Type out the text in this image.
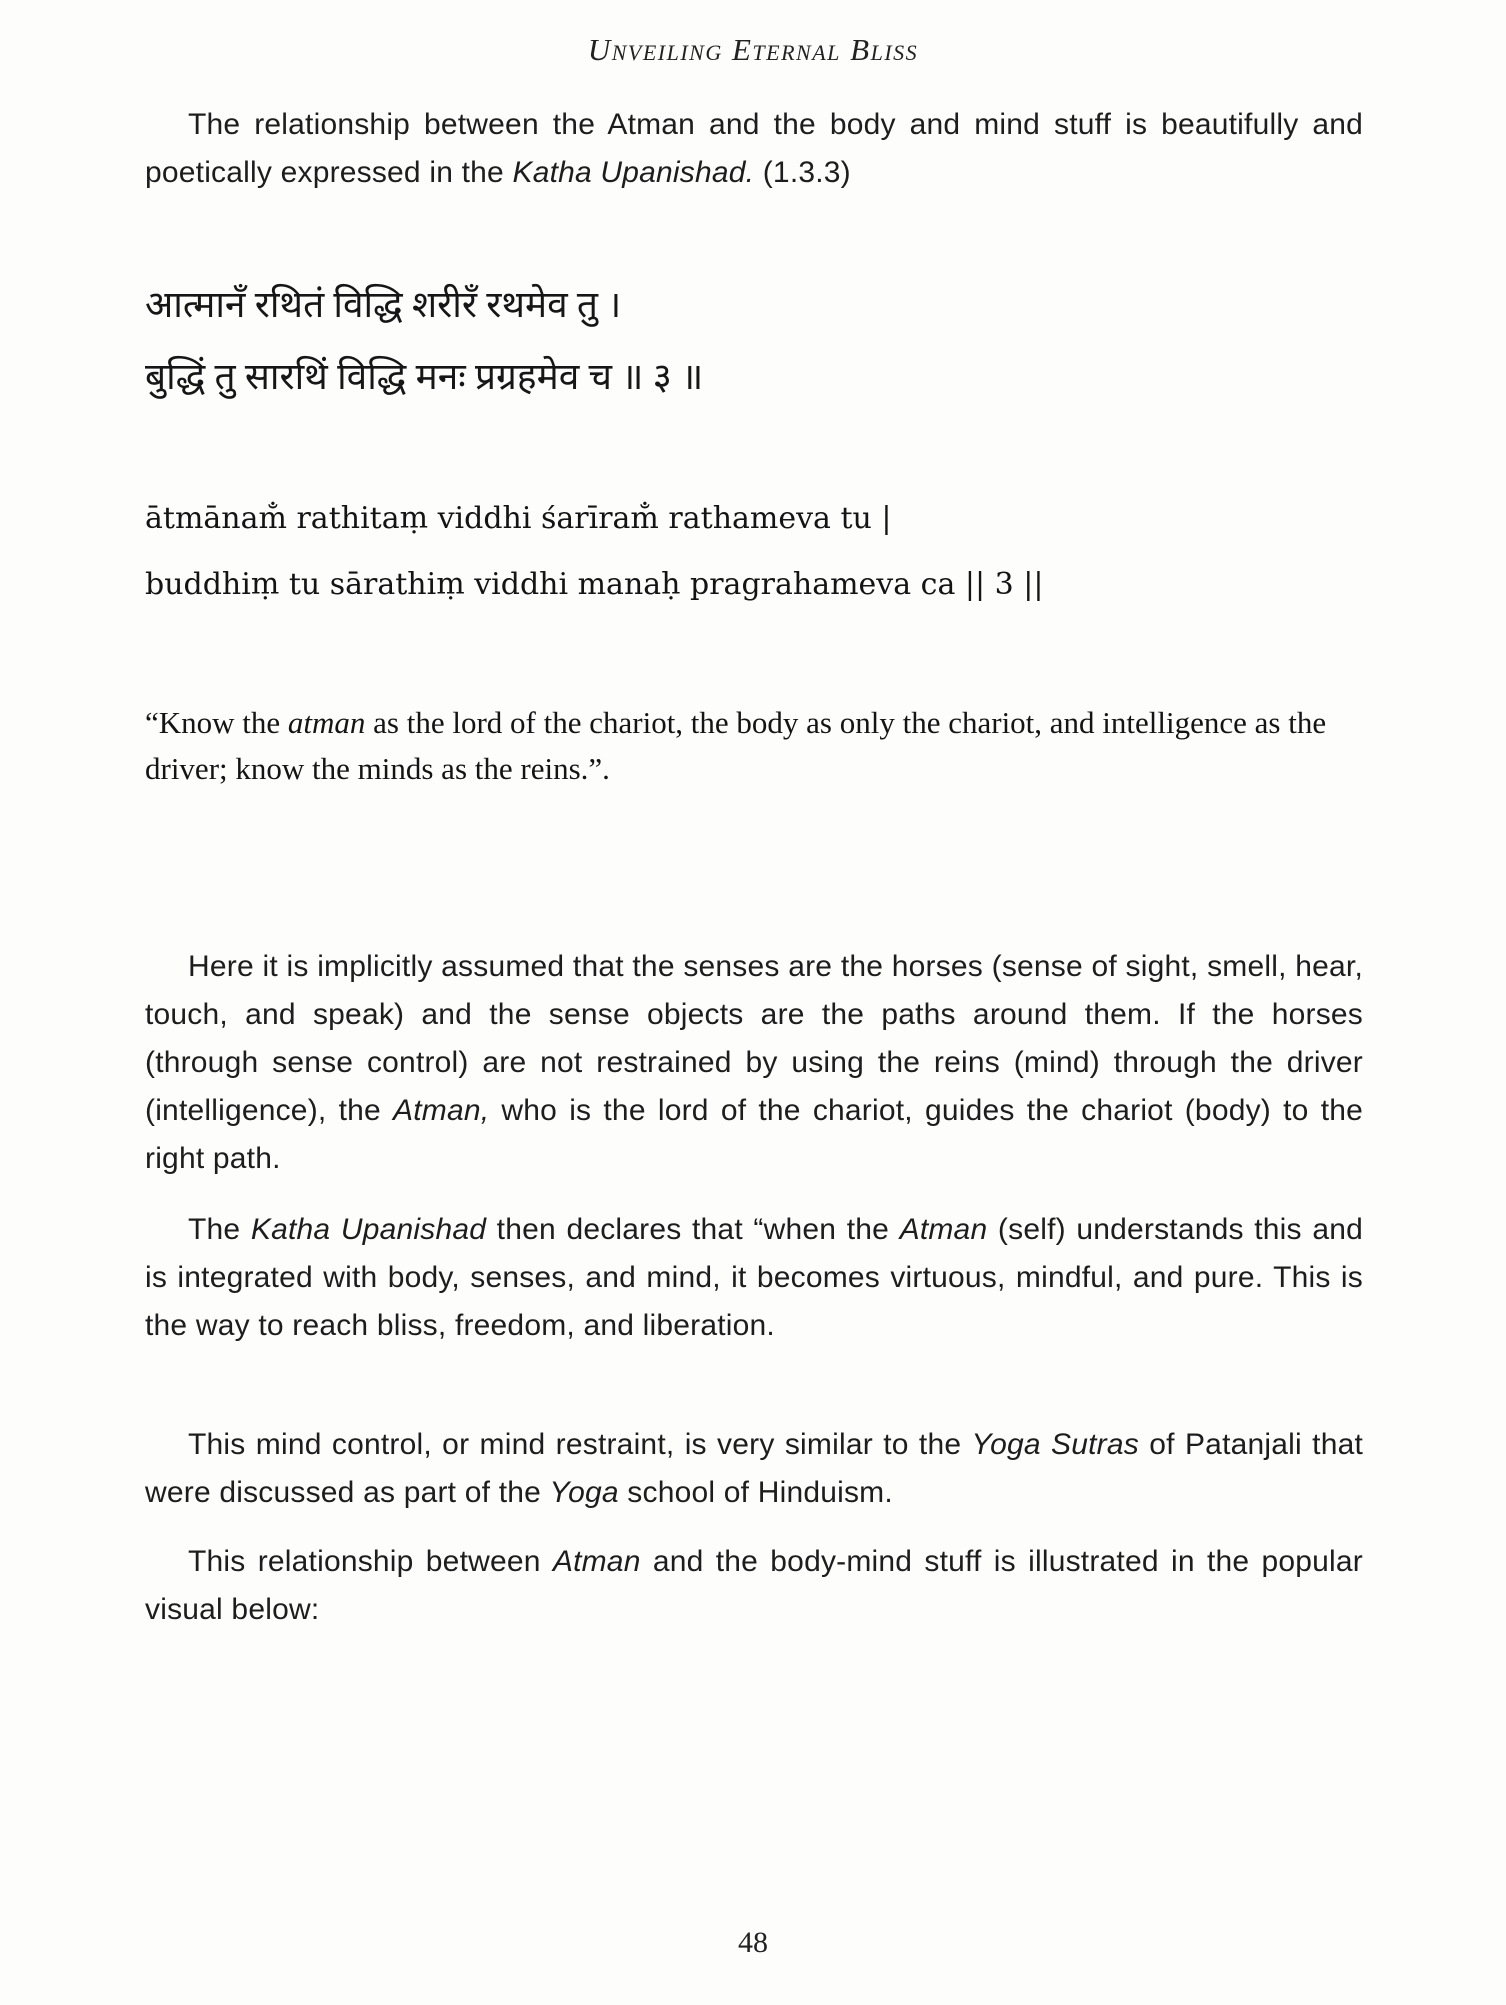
Unveiling Eternal Bliss
The relationship between the Atman and the body and mind stuff is beautifully and poetically expressed in the Katha Upanishad. (1.3.3)
आत्मानँ रथितं विद्धि शरीरँ रथमेव तु ।
बुद्धिं तु सारथिं विद्धि मनः प्रग्रहमेव च ॥ ३ ॥
ātmānam̐ rathitaṃ viddhi śarīram̐ rathameva tu |
buddhiṃ tu sārathiṃ viddhi manaḥ pragrahameva ca || 3 ||
“Know the atman as the lord of the chariot, the body as only the chariot, and intelligence as the driver; know the minds as the reins.”.
Here it is implicitly assumed that the senses are the horses (sense of sight, smell, hear, touch, and speak) and the sense objects are the paths around them. If the horses (through sense control) are not restrained by using the reins (mind) through the driver (intelligence), the Atman, who is the lord of the chariot, guides the chariot (body) to the right path.
The Katha Upanishad then declares that “when the Atman (self) understands this and is integrated with body, senses, and mind, it becomes virtuous, mindful, and pure. This is the way to reach bliss, freedom, and liberation.
This mind control, or mind restraint, is very similar to the Yoga Sutras of Patanjali that were discussed as part of the Yoga school of Hinduism.
This relationship between Atman and the body-mind stuff is illustrated in the popular visual below:
48
